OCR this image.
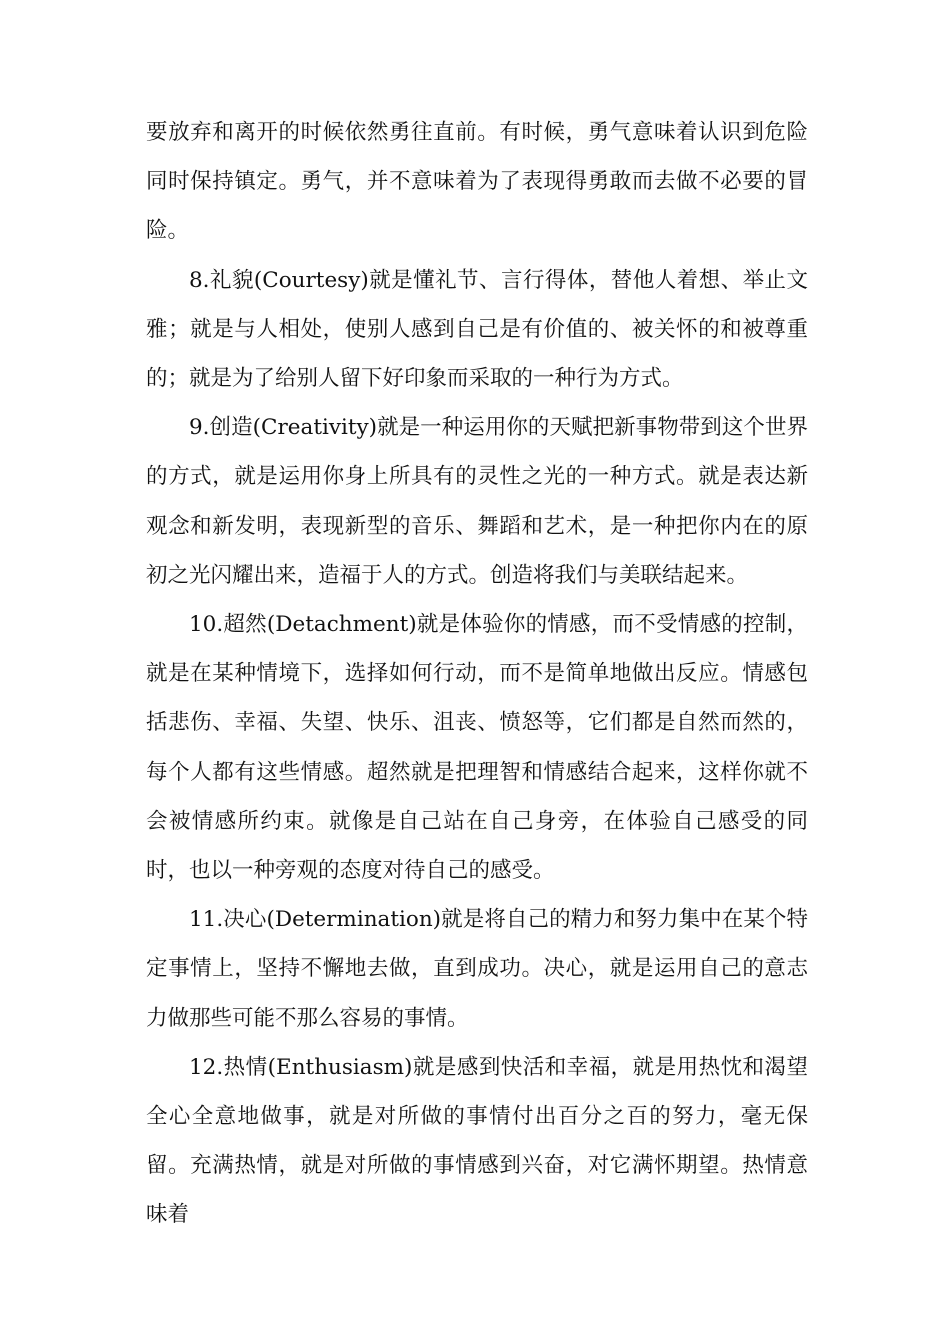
要放弃和离开的时候依然勇往直前。有时候，勇气意味着认识到危险同时保持镇定。勇气，并不意味着为了表现得勇敢而去做不必要的冒险。

8.礼貌(Courtesy)就是懂礼节、言行得体，替他人着想、举止文雅；就是与人相处，使别人感到自己是有价值的、被关怀的和被尊重的；就是为了给别人留下好印象而采取的一种行为方式。

9.创造(Creativity)就是一种运用你的天赋把新事物带到这个世界的方式，就是运用你身上所具有的灵性之光的一种方式。就是表达新观念和新发明，表现新型的音乐、舞蹈和艺术，是一种把你内在的原初之光闪耀出来，造福于人的方式。创造将我们与美联结起来。

10.超然(Detachment)就是体验你的情感，而不受情感的控制，就是在某种情境下，选择如何行动，而不是简单地做出反应。情感包括悲伤、幸福、失望、快乐、沮丧、愤怒等，它们都是自然而然的，每个人都有这些情感。超然就是把理智和情感结合起来，这样你就不会被情感所约束。就像是自己站在自己身旁，在体验自己感受的同时，也以一种旁观的态度对待自己的感受。

11.决心(Determination)就是将自己的精力和努力集中在某个特定事情上，坚持不懈地去做，直到成功。决心，就是运用自己的意志力做那些可能不那么容易的事情。

12.热情(Enthusiasm)就是感到快活和幸福，就是用热忱和渴望全心全意地做事，就是对所做的事情付出百分之百的努力，毫无保留。充满热情，就是对所做的事情感到兴奋，对它满怀期望。热情意味着
